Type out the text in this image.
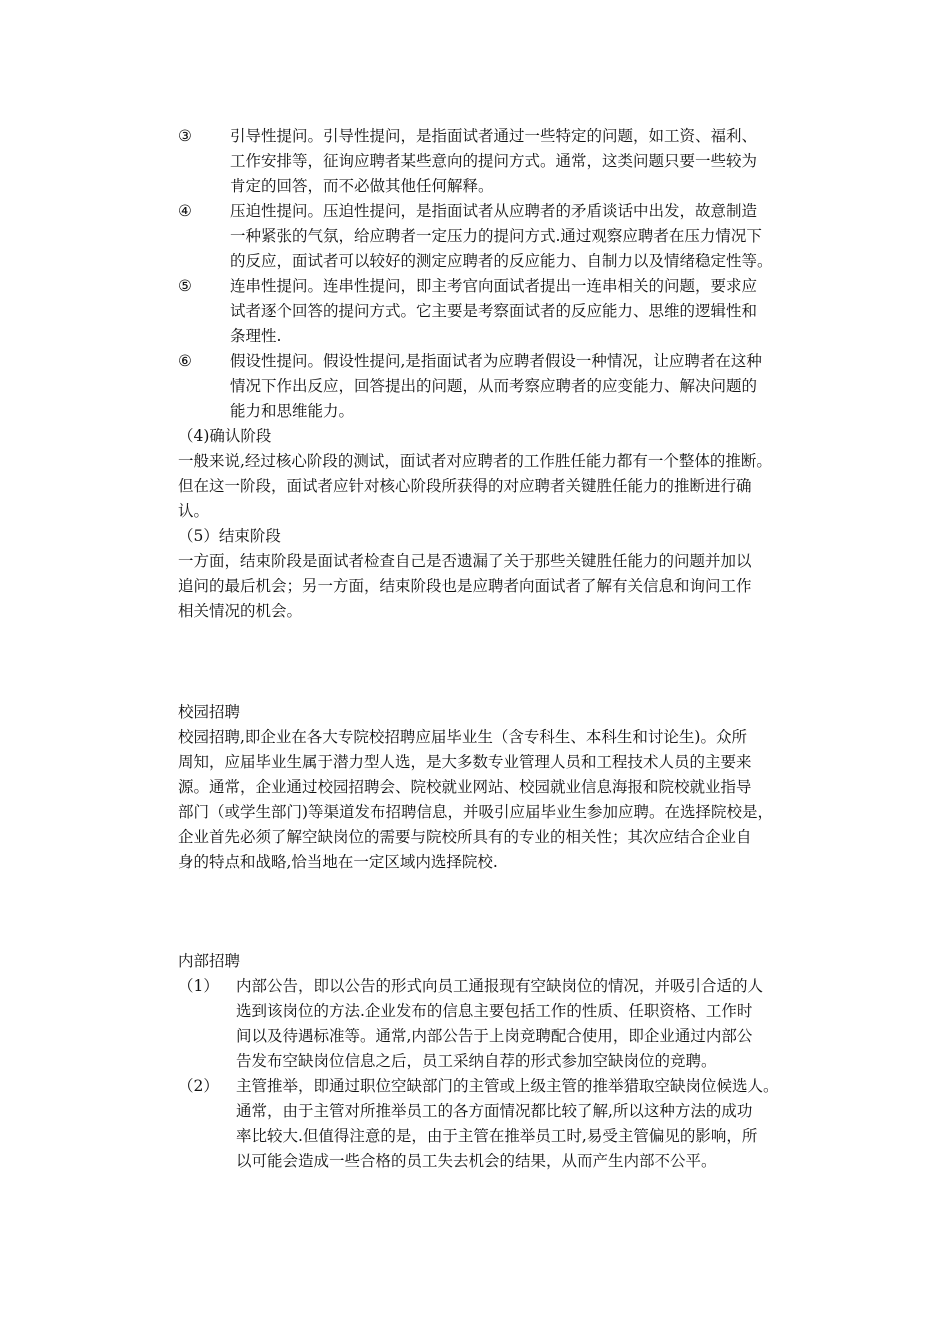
③ 引导性提问。引导性提问，是指面试者通过一些特定的问题，如工资、福利、
工作安排等，征询应聘者某些意向的提问方式。通常，这类问题只要一些较为
肯定的回答，而不必做其他任何解释。
④ 压迫性提问。压迫性提问，是指面试者从应聘者的矛盾谈话中出发，故意制造
一种紧张的气氛，给应聘者一定压力的提问方式.通过观察应聘者在压力情况下
的反应，面试者可以较好的测定应聘者的反应能力、自制力以及情绪稳定性等。
⑤ 连串性提问。连串性提问，即主考官向面试者提出一连串相关的问题，要求应
试者逐个回答的提问方式。它主要是考察面试者的反应能力、思维的逻辑性和
条理性.
⑥ 假设性提问。假设性提问,是指面试者为应聘者假设一种情况，让应聘者在这种
情况下作出反应，回答提出的问题，从而考察应聘者的应变能力、解决问题的
能力和思维能力。
（4)确认阶段
一般来说,经过核心阶段的测试，面试者对应聘者的工作胜任能力都有一个整体的推断。
但在这一阶段，面试者应针对核心阶段所获得的对应聘者关键胜任能力的推断进行确
认。
（5）结束阶段
一方面，结束阶段是面试者检查自己是否遗漏了关于那些关键胜任能力的问题并加以
追问的最后机会；另一方面，结束阶段也是应聘者向面试者了解有关信息和询问工作
相关情况的机会。
校园招聘
校园招聘,即企业在各大专院校招聘应届毕业生（含专科生、本科生和讨论生)。众所
周知，应届毕业生属于潜力型人选，是大多数专业管理人员和工程技术人员的主要来
源。通常，企业通过校园招聘会、院校就业网站、校园就业信息海报和院校就业指导
部门（或学生部门)等渠道发布招聘信息，并吸引应届毕业生参加应聘。在选择院校是，
企业首先必须了解空缺岗位的需要与院校所具有的专业的相关性；其次应结合企业自
身的特点和战略,恰当地在一定区域内选择院校.
内部招聘
（1） 内部公告，即以公告的形式向员工通报现有空缺岗位的情况，并吸引合适的人
选到该岗位的方法.企业发布的信息主要包括工作的性质、任职资格、工作时
间以及待遇标准等。通常,内部公告于上岗竞聘配合使用，即企业通过内部公
告发布空缺岗位信息之后，员工采纳自荐的形式参加空缺岗位的竞聘。
（2） 主管推举，即通过职位空缺部门的主管或上级主管的推举猎取空缺岗位候选人。
通常，由于主管对所推举员工的各方面情况都比较了解,所以这种方法的成功
率比较大.但值得注意的是，由于主管在推举员工时,易受主管偏见的影响，所
以可能会造成一些合格的员工失去机会的结果，从而产生内部不公平。
